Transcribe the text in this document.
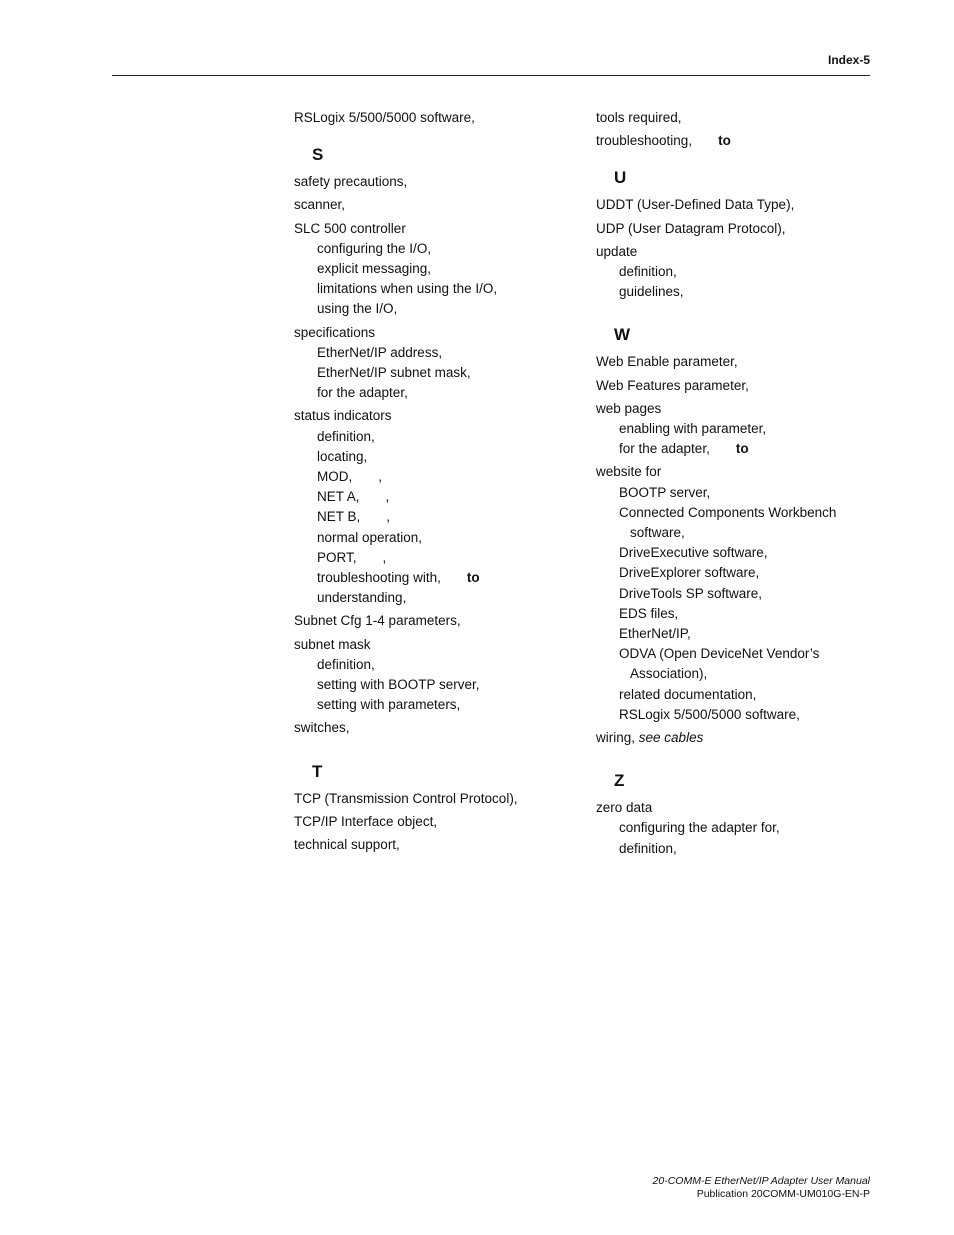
Index-5
RSLogix 5/500/5000 software,
S
safety precautions,
scanner,
SLC 500 controller
configuring the I/O,
explicit messaging,
limitations when using the I/O,
using the I/O,
specifications
EtherNet/IP address,
EtherNet/IP subnet mask,
for the adapter,
status indicators
definition,
locating,
MOD, ,
NET A, ,
NET B, ,
normal operation,
PORT, ,
troubleshooting with, to
understanding,
Subnet Cfg 1-4 parameters,
subnet mask
definition,
setting with BOOTP server,
setting with parameters,
switches,
T
TCP (Transmission Control Protocol),
TCP/IP Interface object,
technical support,
tools required,
troubleshooting, to
U
UDDT (User-Defined Data Type),
UDP (User Datagram Protocol),
update
definition,
guidelines,
W
Web Enable parameter,
Web Features parameter,
web pages
enabling with parameter,
for the adapter, to
website for
BOOTP server,
Connected Components Workbench software,
DriveExecutive software,
DriveExplorer software,
DriveTools SP software,
EDS files,
EtherNet/IP,
ODVA (Open DeviceNet Vendor’s Association),
related documentation,
RSLogix 5/500/5000 software,
wiring, see cables
Z
zero data
configuring the adapter for,
definition,
20-COMM-E EtherNet/IP Adapter User Manual
Publication 20COMM-UM010G-EN-P
